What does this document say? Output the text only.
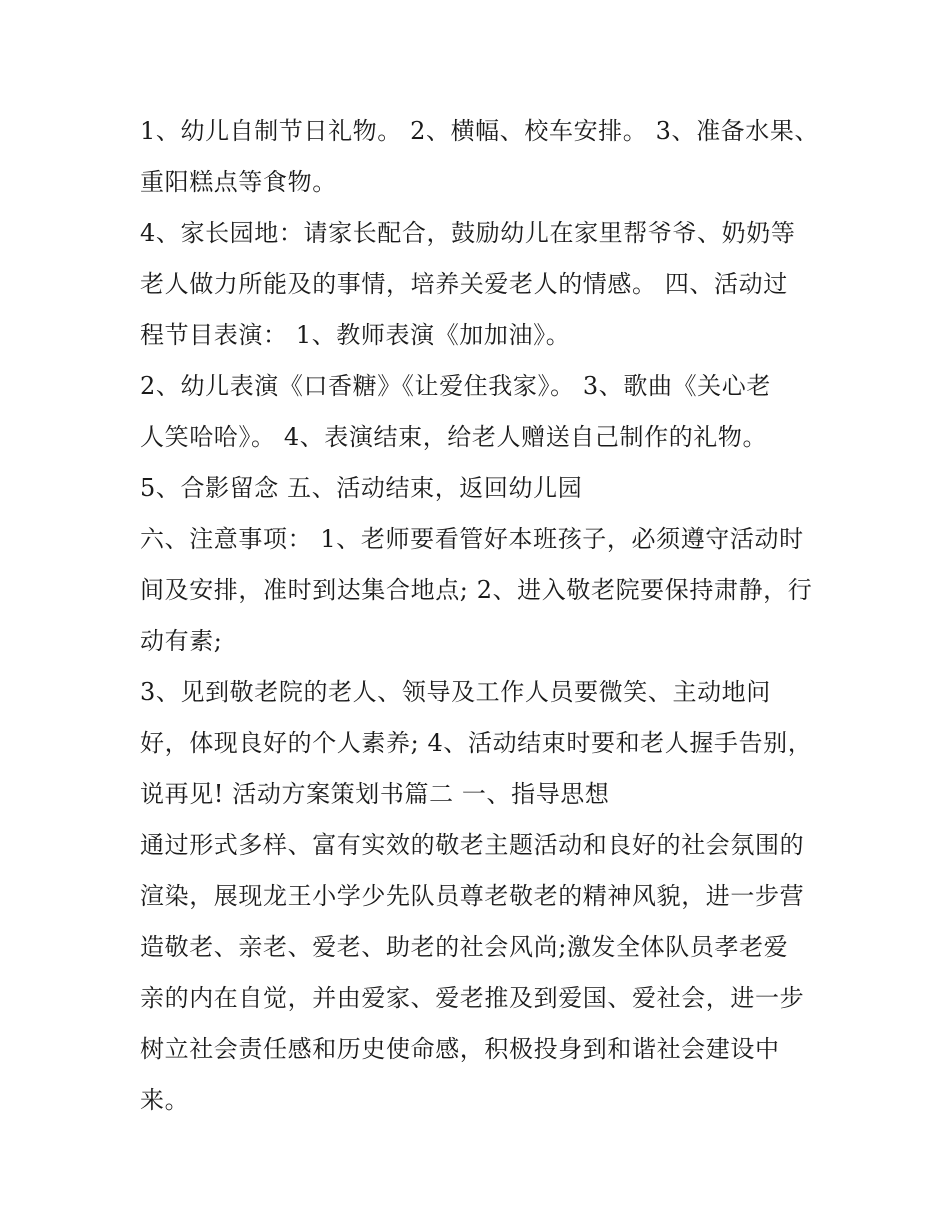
1、幼儿自制节日礼物。 2、横幅、校车安排。 3、准备水果、
重阳糕点等食物。
4、家长园地：请家长配合，鼓励幼儿在家里帮爷爷、奶奶等
老人做力所能及的事情，培养关爱老人的情感。 四、活动过
程节目表演： 1、教师表演《加加油》。
2、幼儿表演《口香糖》《让爱住我家》。 3、歌曲《关心老
人笑哈哈》。 4、表演结束，给老人赠送自己制作的礼物。
5、合影留念 五、活动结束，返回幼儿园
六、注意事项： 1、老师要看管好本班孩子，必须遵守活动时
间及安排，准时到达集合地点; 2、进入敬老院要保持肃静，行
动有素;
3、见到敬老院的老人、领导及工作人员要微笑、主动地问
好，体现良好的个人素养; 4、活动结束时要和老人握手告别，
说再见! 活动方案策划书篇二 一、指导思想
通过形式多样、富有实效的敬老主题活动和良好的社会氛围的
渲染，展现龙王小学少先队员尊老敬老的精神风貌，进一步营
造敬老、亲老、爱老、助老的社会风尚;激发全体队员孝老爱
亲的内在自觉，并由爱家、爱老推及到爱国、爱社会，进一步
树立社会责任感和历史使命感，积极投身到和谐社会建设中
来。
